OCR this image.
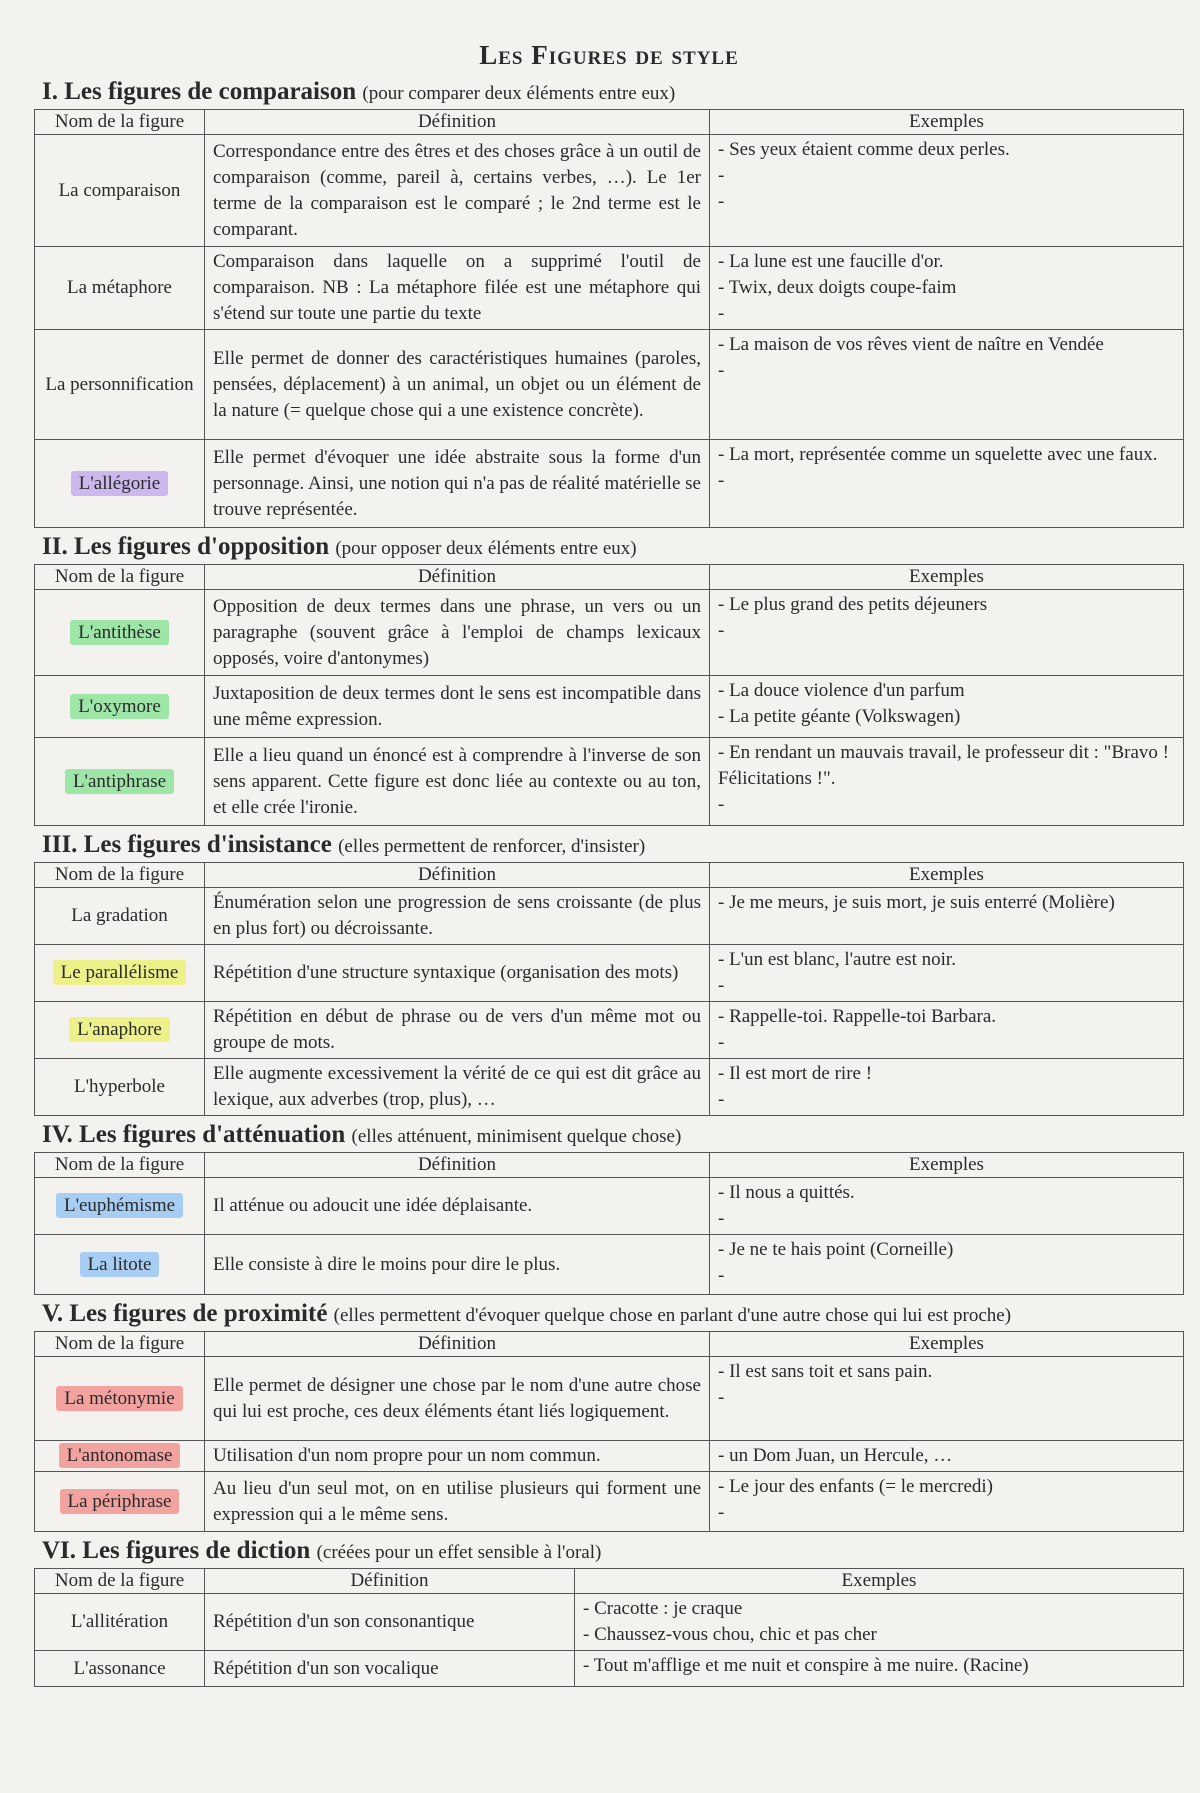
Les Figures de style
I. Les figures de comparaison (pour comparer deux éléments entre eux)
Nom de la figure	Définition	Exemples
La comparaison	Correspondance entre des êtres et des choses grâce à un outil de comparaison (comme, pareil à, certains verbes, …). Le 1er terme de la comparaison est le comparé ; le 2nd terme est le comparant.	- Ses yeux étaient comme deux perles.
-
-

La métaphore	Comparaison dans laquelle on a supprimé l'outil de comparaison. NB : La métaphore filée est une métaphore qui s'étend sur toute une partie du texte	- La lune est une faucille d'or.
- Twix, deux doigts coupe-faim
-

La personnification	Elle permet de donner des caractéristiques humaines (paroles, pensées, déplacement) à un animal, un objet ou un élément de la nature (= quelque chose qui a une existence concrète).	- La maison de vos rêves vient de naître en Vendée
-

L'allégorie	Elle permet d'évoquer une idée abstraite sous la forme d'un personnage. Ainsi, une notion qui n'a pas de réalité matérielle se trouve représentée.	- La mort, représentée comme un squelette avec une faux.
-
II. Les figures d'opposition (pour opposer deux éléments entre eux)
Nom de la figure	Définition	Exemples
L'antithèse	Opposition de deux termes dans une phrase, un vers ou un paragraphe (souvent grâce à l'emploi de champs lexicaux opposés, voire d'antonymes)	- Le plus grand des petits déjeuners
-

L'oxymore	Juxtaposition de deux termes dont le sens est incompatible dans une même expression.	- La douce violence d'un parfum
- La petite géante (Volkswagen)

L'antiphrase	Elle a lieu quand un énoncé est à comprendre à l'inverse de son sens apparent. Cette figure est donc liée au contexte ou au ton, et elle crée l'ironie.	- En rendant un mauvais travail, le professeur dit : "Bravo ! Félicitations !".
-
III. Les figures d'insistance (elles permettent de renforcer, d'insister)
Nom de la figure	Définition	Exemples
La gradation	Énumération selon une progression de sens croissante (de plus en plus fort) ou décroissante.	- Je me meurs, je suis mort, je suis enterré (Molière)

Le parallélisme	Répétition d'une structure syntaxique (organisation des mots)	- L'un est blanc, l'autre est noir.
-

L'anaphore	Répétition en début de phrase ou de vers d'un même mot ou groupe de mots.	- Rappelle-toi. Rappelle-toi Barbara.
-

L'hyperbole	Elle augmente excessivement la vérité de ce qui est dit grâce au lexique, aux adverbes (trop, plus), …	- Il est mort de rire !
-
IV. Les figures d'atténuation (elles atténuent, minimisent quelque chose)
Nom de la figure	Définition	Exemples
L'euphémisme	Il atténue ou adoucit une idée déplaisante.	- Il nous a quittés.
-

La litote	Elle consiste à dire le moins pour dire le plus.	- Je ne te hais point (Corneille)
-
V. Les figures de proximité (elles permettent d'évoquer quelque chose en parlant d'une autre chose qui lui est proche)
Nom de la figure	Définition	Exemples
La métonymie	Elle permet de désigner une chose par le nom d'une autre chose qui lui est proche, ces deux éléments étant liés logiquement.	- Il est sans toit et sans pain.
-

L'antonomase	Utilisation d'un nom propre pour un nom commun.	- un Dom Juan, un Hercule, …

La périphrase	Au lieu d'un seul mot, on en utilise plusieurs qui forment une expression qui a le même sens.	- Le jour des enfants (= le mercredi)
-
VI. Les figures de diction (créées pour un effet sensible à l'oral)
Nom de la figure	Définition	Exemples
L'allitération	Répétition d'un son consonantique	- Cracotte : je craque
- Chaussez-vous chou, chic et pas cher

L'assonance	Répétition d'un son vocalique	- Tout m'afflige et me nuit et conspire à me nuire. (Racine)
